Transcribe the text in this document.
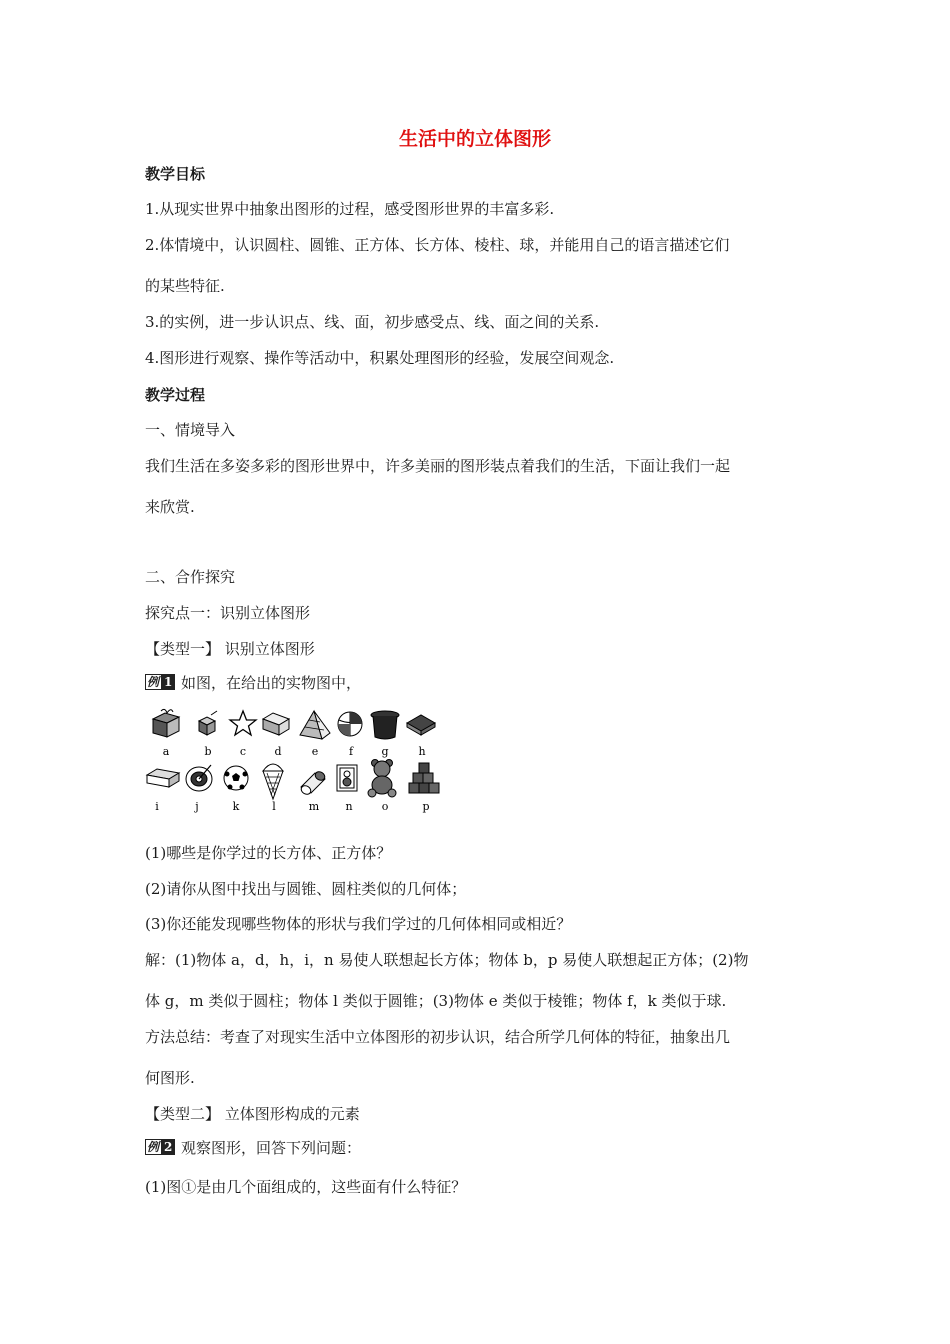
生活中的立体图形
教学目标
1.从现实世界中抽象出图形的过程，感受图形世界的丰富多彩.
2.体情境中，认识圆柱、圆锥、正方体、长方体、棱柱、球，并能用自己的语言描述它们
的某些特征.
3.的实例，进一步认识点、线、面，初步感受点、线、面之间的关系.
4.图形进行观察、操作等活动中，积累处理图形的经验，发展空间观念.
教学过程
一、情境导入
我们生活在多姿多彩的图形世界中，许多美丽的图形装点着我们的生活，下面让我们一起
来欣赏.
二、合作探究
探究点一：识别立体图形
【类型一】 识别立体图形
例 1 如图，在给出的实物图中，
a	b	c	d	e	f	g	h
i	j	k	l	m n	o	p
(1)哪些是你学过的长方体、正方体？
(2)请你从图中找出与圆锥、圆柱类似的几何体；
(3)你还能发现哪些物体的形状与我们学过的几何体相同或相近？
解：(1)物体 a，d，h，i，n 易使人联想起长方体；物体 b，p 易使人联想起正方体；(2)物
体 g，m 类似于圆柱；物体 l 类似于圆锥；(3)物体 e 类似于棱锥；物体 f，k 类似于球.
方法总结：考查了对现实生活中立体图形的初步认识，结合所学几何体的特征，抽象出几
何图形.
【类型二】 立体图形构成的元素
例 2 观察图形，回答下列问题：
(1)图①是由几个面组成的，这些面有什么特征？
